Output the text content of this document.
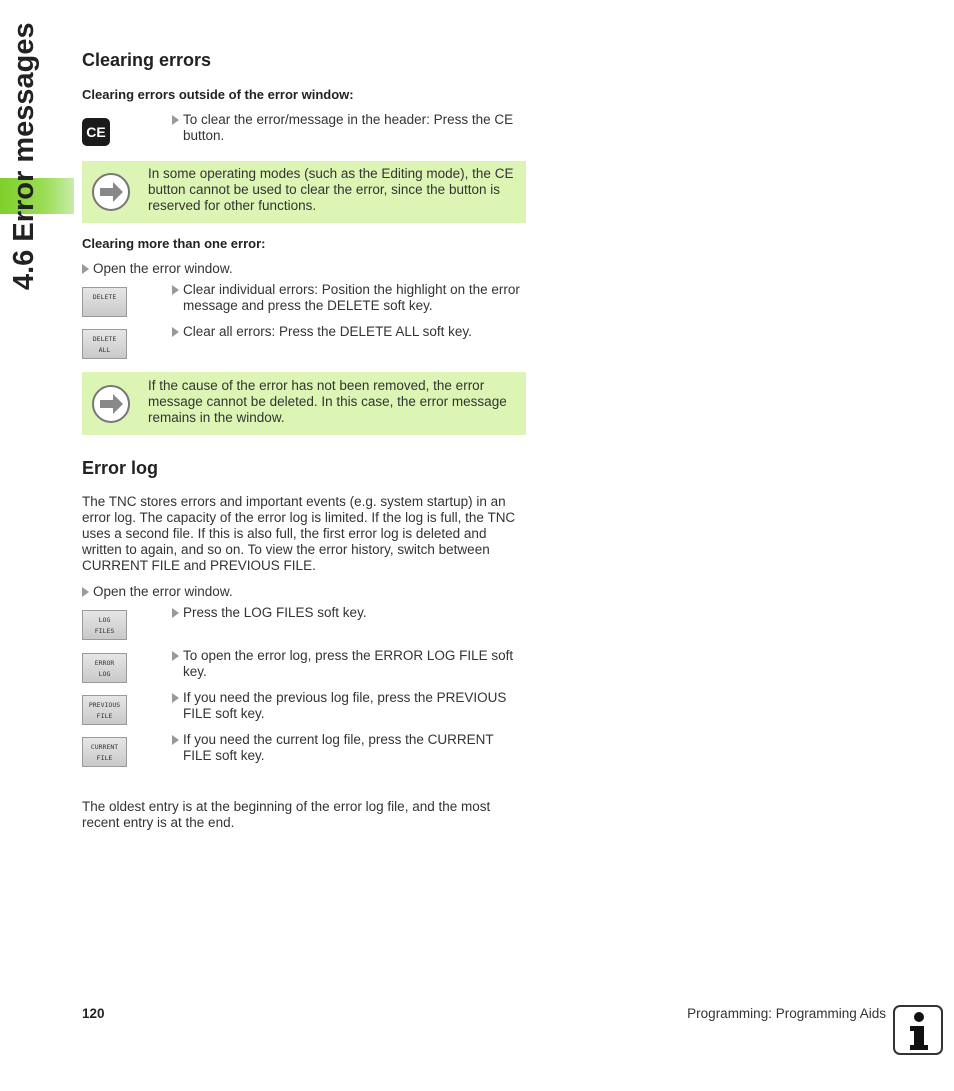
4.6 Error messages	Clearing errors
Clearing errors outside of the error window:
CE
To clear the error/message in the header: Press the CE button.
In some operating modes (such as the Editing mode), the CE button cannot be used to clear the error, since the button is reserved for other functions.
Clearing more than one error:
Open the error window.
DELETE	Clear individual errors: Position the highlight on the error message and press the DELETE soft key.
DELETE
ALL
Clear all errors: Press the DELETE ALL soft key.
If the cause of the error has not been removed, the error message cannot be deleted. In this case, the error message remains in the window.
Error log
The TNC stores errors and important events (e.g. system startup) in an error log. The capacity of the error log is limited. If the log is full, the TNC uses a second file. If this is also full, the first error log is deleted and written to again, and so on. To view the error history, switch between CURRENT FILE and PREVIOUS FILE.
Open the error window.
LOG
FILES
Press the LOG FILES soft key.
ERROR
LOG
To open the error log, press the ERROR LOG FILE soft key.
PREVIOUS
FILE
If you need the previous log file, press the PREVIOUS FILE soft key.
CURRENT
FILE
If you need the current log file, press the CURRENT FILE soft key.
The oldest entry is at the beginning of the error log file, and the most recent entry is at the end.
120	Programming: Programming Aids
